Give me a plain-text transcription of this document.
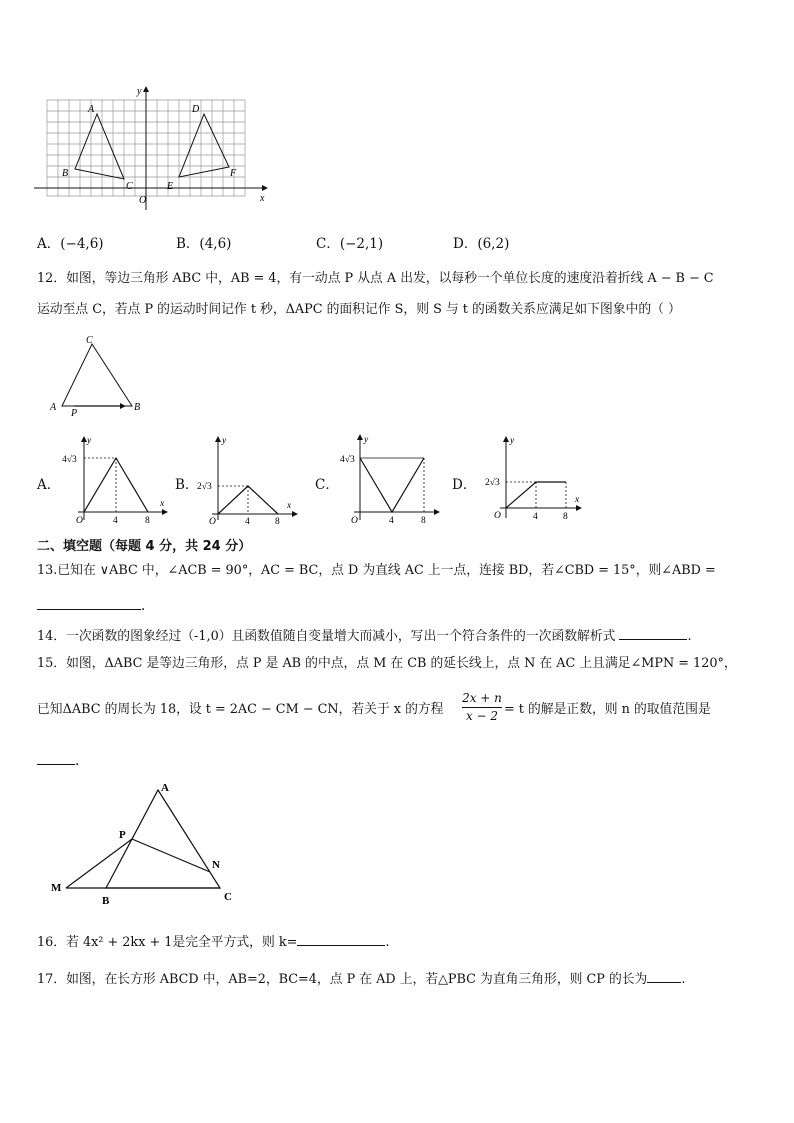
y
x
O
A
B
C
D
E
F
A．(−4,6)	B．(4,6)	C．(−2,1)	D．(6,2)
12．如图，等边三角形 ABC 中，AB = 4，有一动点 P 从点 A 出发，以每秒一个单位长度的速度沿着折线 A − B − C
运动至点 C，若点 P 的运动时间记作 t 秒，ΔAPC 的面积记作 S，则 S 与 t 的函数关系应满足如下图象中的（ ）
C
A	B
P
A．
y
4√3
O	4	8
x
B．
y
2√3
O	4	8
x
C．
y
4√3
O	4	8
D．
y
2√3
O	4	8
x
二、填空题（每题 4 分，共 24 分）
13.已知在 ∨ABC 中，∠ACB = 90°，AC = BC，点 D 为直线 AC 上一点，连接 BD，若∠CBD = 15°，则∠ABD =
.
14．一次函数的图象经过（-1,0）且函数值随自变量增大而减小，写出一个符合条件的一次函数解析式	.
15．如图，ΔABC 是等边三角形，点 P 是 AB 的中点，点 M 在 CB 的延长线上，点 N 在 AC 上且满足∠MPN = 120°，
已知ΔABC 的周长为 18，设 t = 2AC − CM − CN，若关于 x 的方程 $\frac{2x + n}{x - 2} = t$ 的解是正数，则 n 的取值范围是
.
A
P
N
M
B	C
16．若 4x² + 2kx + 1是完全平方式，则 k=	.
17．如图，在长方形 ABCD 中，AB=2，BC=4，点 P 在 AD 上，若△PBC 为直角三角形，则 CP 的长为	.
